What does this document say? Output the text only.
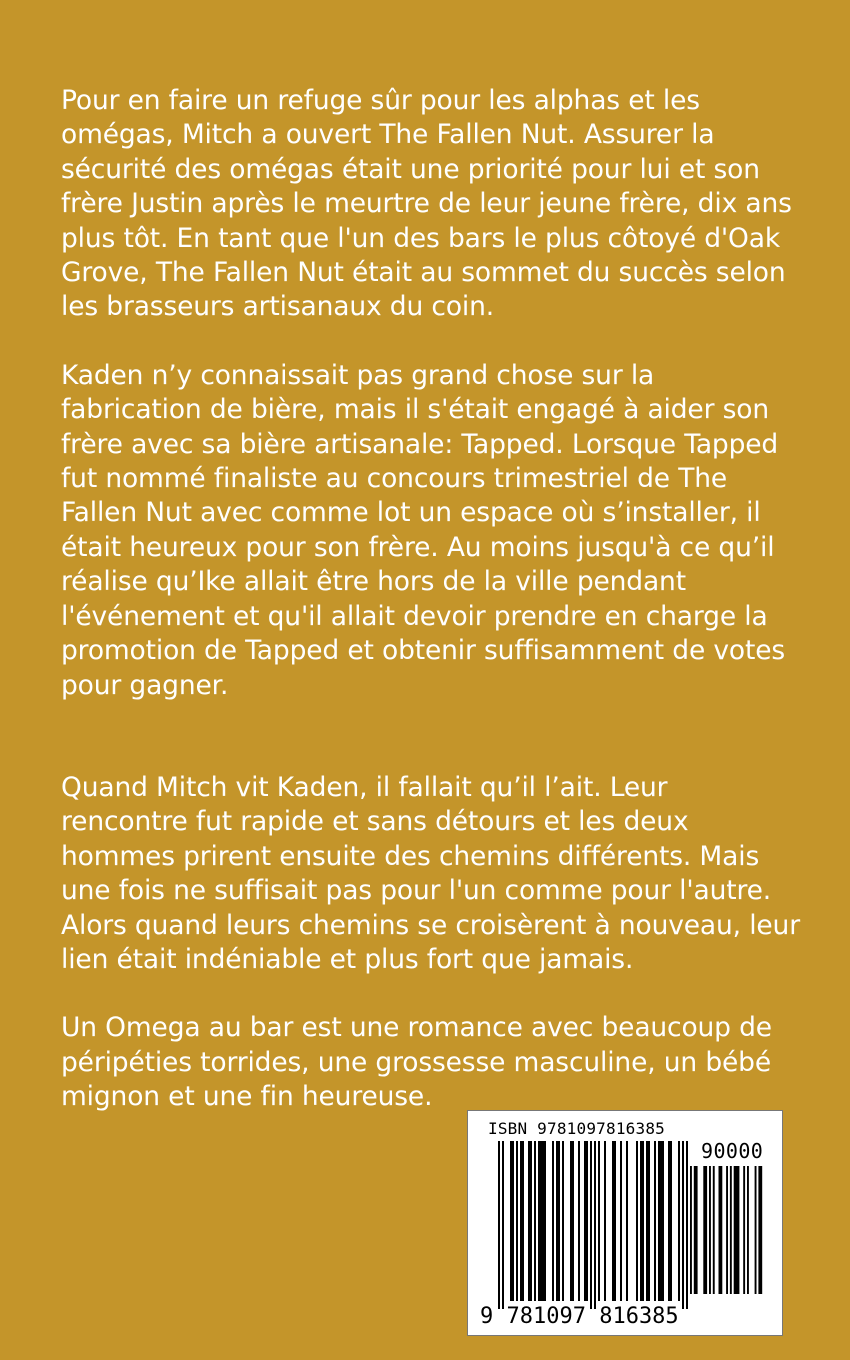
Pour en faire un refuge sûr pour les alphas et les omégas, Mitch a ouvert The Fallen Nut. Assurer la sécurité des omégas était une priorité pour lui et son frère Justin après le meurtre de leur jeune frère, dix ans plus tôt. En tant que l'un des bars le plus côtoyé d'Oak Grove, The Fallen Nut était au sommet du succès selon les brasseurs artisanaux du coin.

Kaden n’y connaissait pas grand chose sur la fabrication de bière, mais il s'était engagé à aider son frère avec sa bière artisanale: Tapped. Lorsque Tapped fut nommé finaliste au concours trimestriel de The Fallen Nut avec comme lot un espace où s’installer, il était heureux pour son frère. Au moins jusqu'à ce qu’il réalise qu’Ike allait être hors de la ville pendant l'événement et qu'il allait devoir prendre en charge la promotion de Tapped et obtenir suffisamment de votes pour gagner.

Quand Mitch vit Kaden, il fallait qu’il l’ait. Leur rencontre fut rapide et sans détours et les deux hommes prirent ensuite des chemins différents. Mais une fois ne suffisait pas pour l'un comme pour l'autre. Alors quand leurs chemins se croisèrent à nouveau, leur lien était indéniable et plus fort que jamais.

Un Omega au bar est une romance avec beaucoup de péripéties torrides, une grossesse masculine, un bébé mignon et une fin heureuse.

ISBN 9781097816385
90000
9 781097 816385
